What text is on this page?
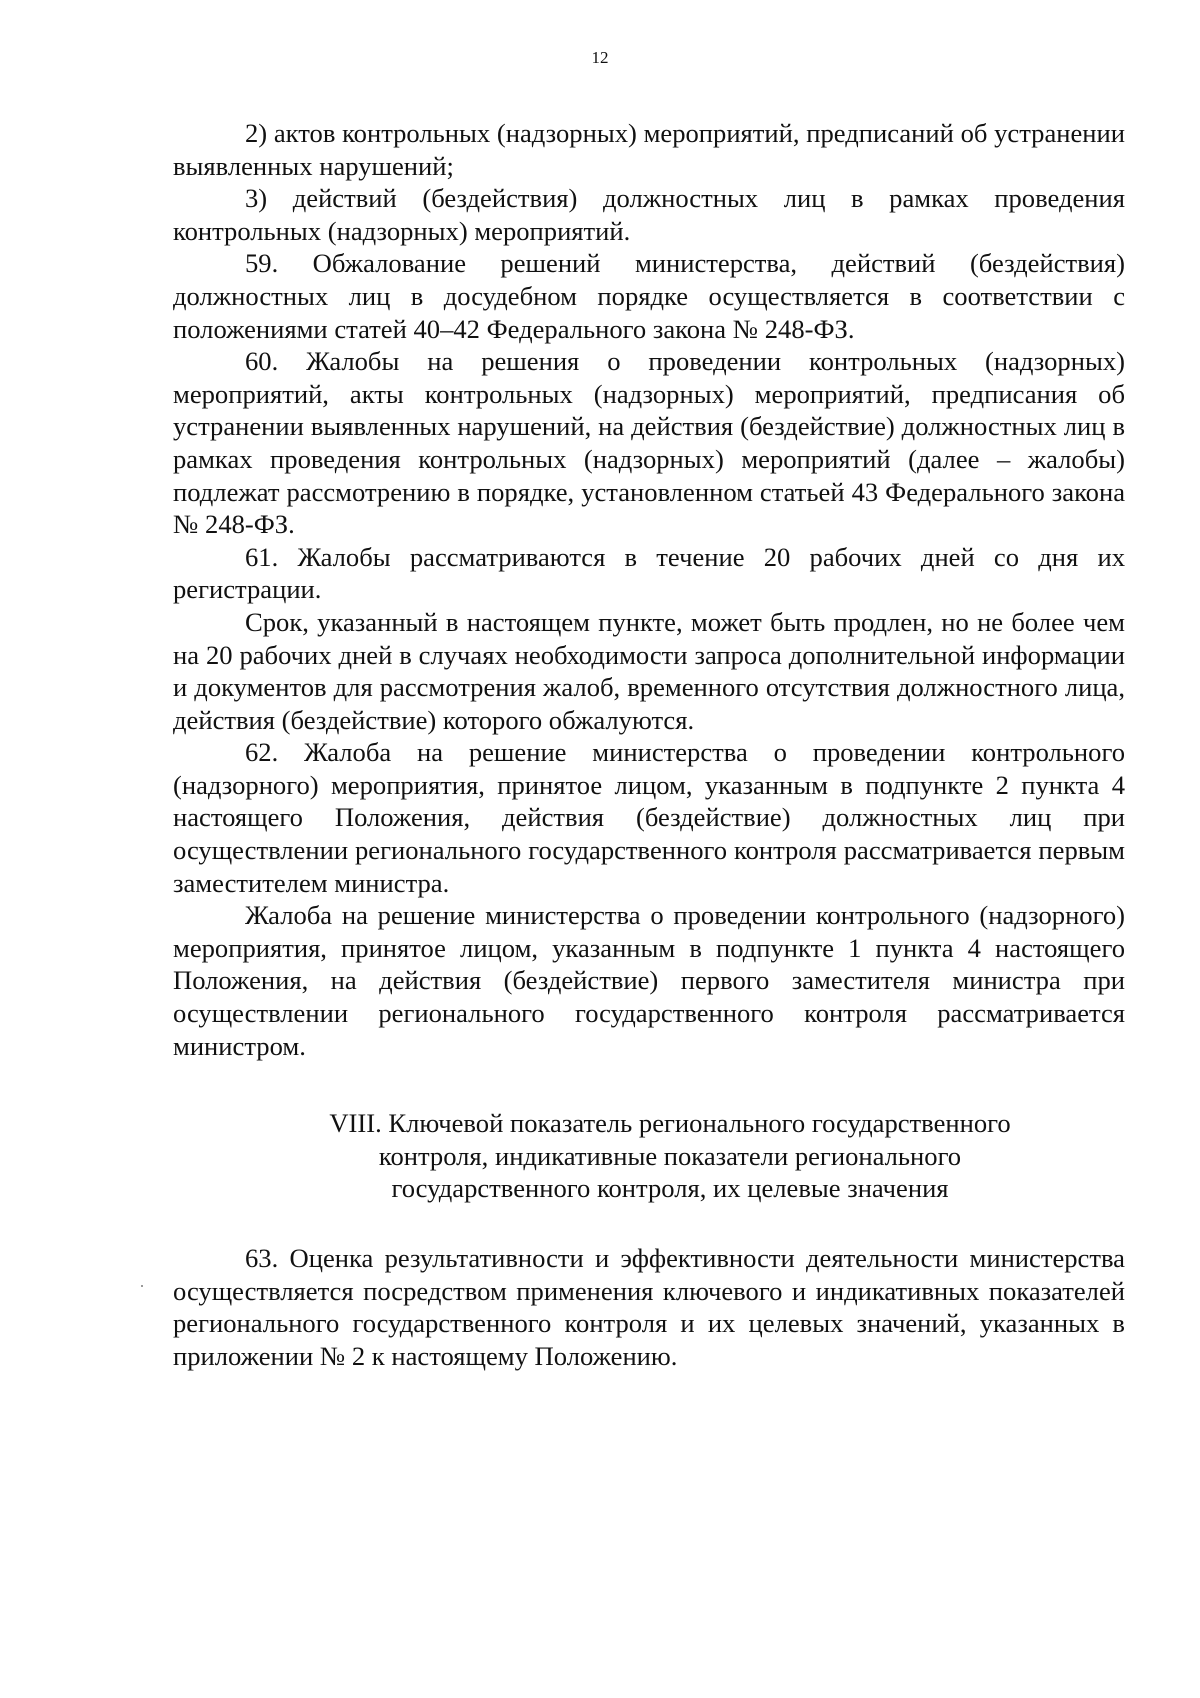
12

2) актов контрольных (надзорных) мероприятий, предписаний об устранении выявленных нарушений;

3) действий (бездействия) должностных лиц в рамках проведения контрольных (надзорных) мероприятий.

59. Обжалование решений министерства, действий (бездействия) должностных лиц в досудебном порядке осуществляется в соответствии с положениями статей 40–42 Федерального закона № 248-ФЗ.

60. Жалобы на решения о проведении контрольных (надзорных) мероприятий, акты контрольных (надзорных) мероприятий, предписания об устранении выявленных нарушений, на действия (бездействие) должностных лиц в рамках проведения контрольных (надзорных) мероприятий (далее – жалобы) подлежат рассмотрению в порядке, установленном статьей 43 Федерального закона № 248-ФЗ.

61. Жалобы рассматриваются в течение 20 рабочих дней со дня их регистрации.

Срок, указанный в настоящем пункте, может быть продлен, но не более чем на 20 рабочих дней в случаях необходимости запроса дополнительной информации и документов для рассмотрения жалоб, временного отсутствия должностного лица, действия (бездействие) которого обжалуются.

62. Жалоба на решение министерства о проведении контрольного (надзорного) мероприятия, принятое лицом, указанным в подпункте 2 пункта 4 настоящего Положения, действия (бездействие) должностных лиц при осуществлении регионального государственного контроля рассматривается первым заместителем министра.

Жалоба на решение министерства о проведении контрольного (надзорного) мероприятия, принятое лицом, указанным в подпункте 1 пункта 4 настоящего Положения, на действия (бездействие) первого заместителя министра при осуществлении регионального государственного контроля рассматривается министром.

VIII. Ключевой показатель регионального государственного
контроля, индикативные показатели регионального
государственного контроля, их целевые значения

63. Оценка результативности и эффективности деятельности министерства осуществляется посредством применения ключевого и индикативных показателей регионального государственного контроля и их целевых значений, указанных в приложении № 2 к настоящему Положению.
